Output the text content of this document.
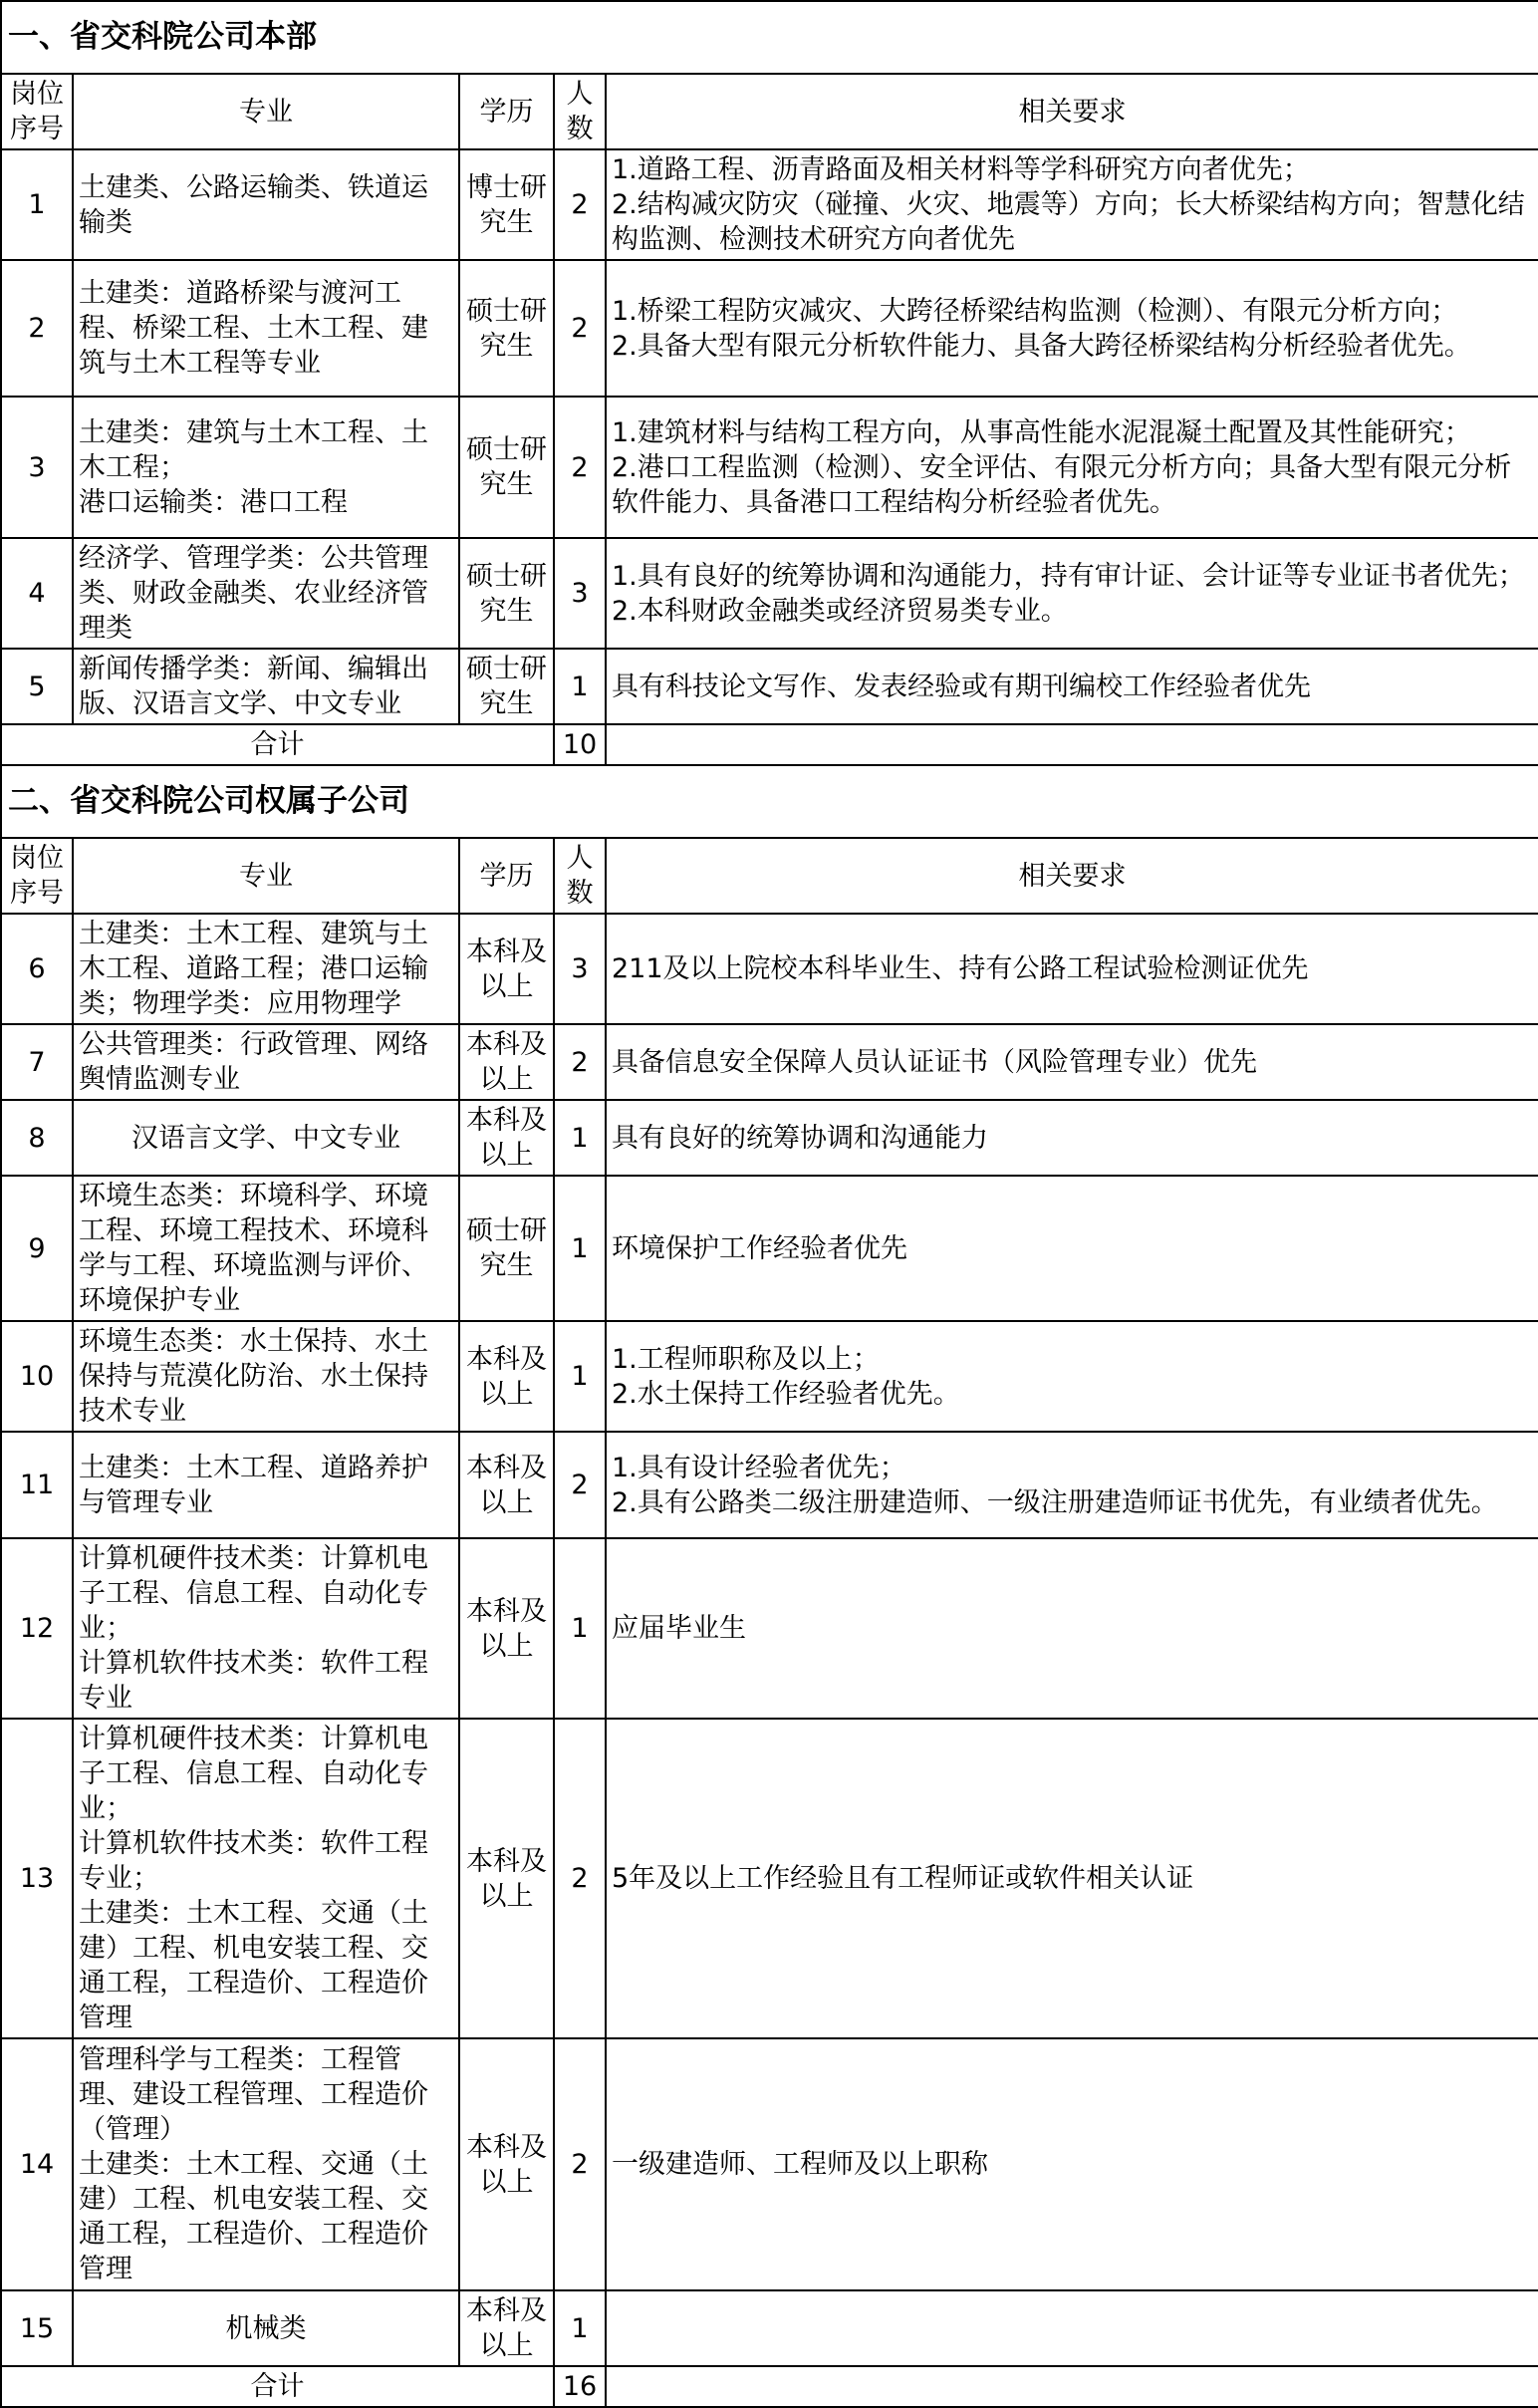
一、省交科院公司本部				
岗位序号	专业	学历	人数	相关要求
1	土建类、公路运输类、铁道运输类	博士研究生	2	1.道路工程、沥青路面及相关材料等学科研究方向者优先；
2.结构减灾防灾（碰撞、火灾、地震等）方向；长大桥梁结构方向；智慧化结构监测、检测技术研究方向者优先
2	土建类：道路桥梁与渡河工程、桥梁工程、土木工程、建筑与土木工程等专业	硕士研究生	2	1.桥梁工程防灾减灾、大跨径桥梁结构监测（检测）、有限元分析方向；
2.具备大型有限元分析软件能力、具备大跨径桥梁结构分析经验者优先。
3	土建类：建筑与土木工程、土木工程；
港口运输类：港口工程	硕士研究生	2	1.建筑材料与结构工程方向，从事高性能水泥混凝土配置及其性能研究；
2.港口工程监测（检测）、安全评估、有限元分析方向；具备大型有限元分析软件能力、具备港口工程结构分析经验者优先。
4	经济学、管理学类：公共管理类、财政金融类、农业经济管理类	硕士研究生	3	1.具有良好的统筹协调和沟通能力，持有审计证、会计证等专业证书者优先；
2.本科财政金融类或经济贸易类专业。
5	新闻传播学类：新闻、编辑出版、汉语言文学、中文专业	硕士研究生	1	具有科技论文写作、发表经验或有期刊编校工作经验者优先
合计			10	
二、省交科院公司权属子公司				
岗位序号	专业	学历	人数	相关要求
6	土建类：土木工程、建筑与土木工程、道路工程；港口运输类；物理学类：应用物理学	本科及以上	3	211及以上院校本科毕业生、持有公路工程试验检测证优先
7	公共管理类：行政管理、网络舆情监测专业	本科及以上	2	具备信息安全保障人员认证证书（风险管理专业）优先
8	汉语言文学、中文专业	本科及以上	1	具有良好的统筹协调和沟通能力
9	环境生态类：环境科学、环境工程、环境工程技术、环境科学与工程、环境监测与评价、环境保护专业	硕士研究生	1	环境保护工作经验者优先
10	环境生态类：水土保持、水土保持与荒漠化防治、水土保持技术专业	本科及以上	1	1.工程师职称及以上；
2.水土保持工作经验者优先。
11	土建类：土木工程、道路养护与管理专业	本科及以上	2	1.具有设计经验者优先；
2.具有公路类二级注册建造师、一级注册建造师证书优先，有业绩者优先。
12	计算机硬件技术类：计算机电子工程、信息工程、自动化专业；
计算机软件技术类：软件工程专业	本科及以上	1	应届毕业生
13	计算机硬件技术类：计算机电子工程、信息工程、自动化专业；
计算机软件技术类：软件工程专业；
土建类：土木工程、交通（土建）工程、机电安装工程、交通工程，工程造价、工程造价管理	本科及以上	2	5年及以上工作经验且有工程师证或软件相关认证
14	管理科学与工程类：工程管理、建设工程管理、工程造价（管理）
土建类：土木工程、交通（土建）工程、机电安装工程、交通工程，工程造价、工程造价管理	本科及以上	2	一级建造师、工程师及以上职称
15	机械类	本科及以上	1	
合计			16	
